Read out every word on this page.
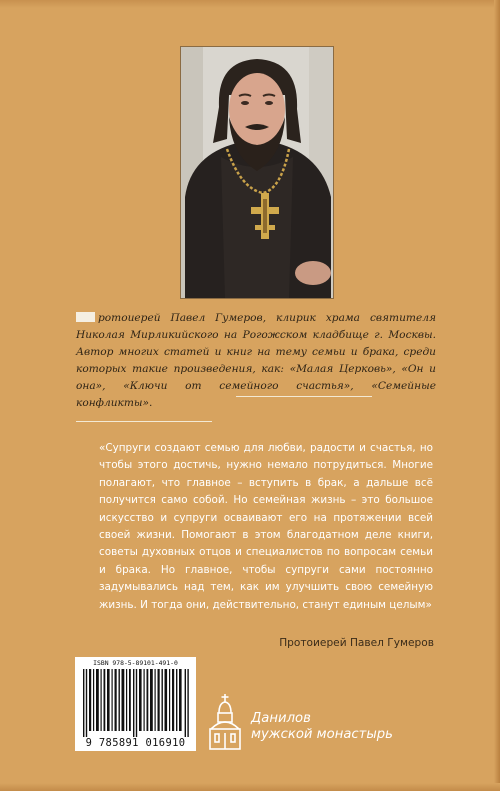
ротоиерей Павел Гумеров, клирик храма святителя Николая Мирликийского на Рогожском кладбище г. Москвы. Автор многих статей и книг на тему семьи и брака, среди которых такие произведения, как: «Малая Церковь», «Он и она», «Ключи от семейного счастья», «Семейные конфликты».
«Супруги создают семью для любви, радости и счастья, но чтобы этого достичь, нужно немало потрудиться. Многие полагают, что главное – вступить в брак, а дальше всё получится само собой. Но семейная жизнь – это большое искусство и супруги осваивают его на протяжении всей своей жизни. Помогают в этом благодатном деле книги, советы духовных отцов и специалистов по вопросам семьи и брака. Но главное, чтобы супруги сами постоянно задумывались над тем, как им улучшить свою семейную жизнь. И тогда они, действительно, станут единым целым»
Протоиерей Павел Гумеров
ISBN 978-5-89101-491-0
9 785891 016910
Данилов
мужской монастырь
